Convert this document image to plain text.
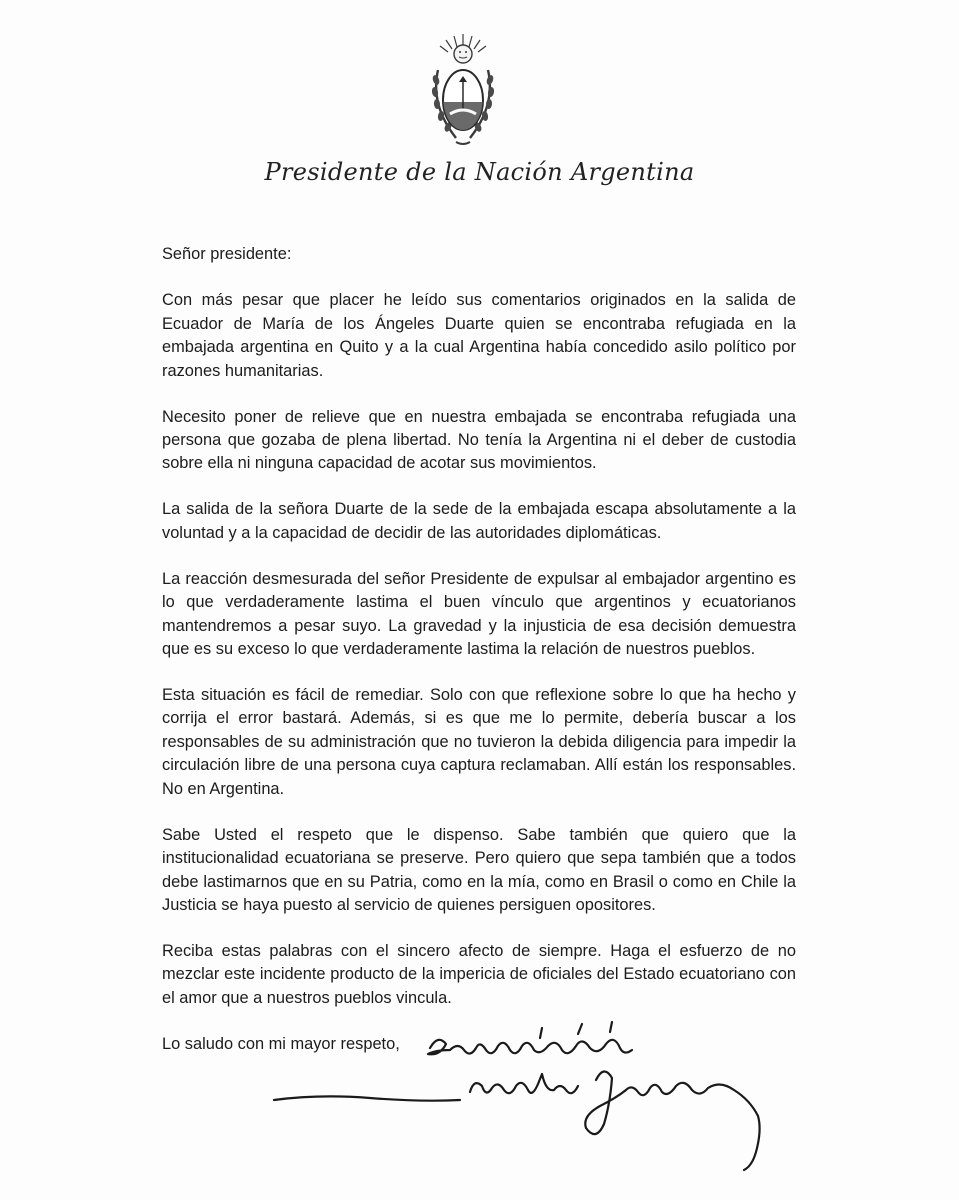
Presidente de la Nación Argentina

Señor presidente:

Con más pesar que placer he leído sus comentarios originados en la salida de Ecuador de María de los Ángeles Duarte quien se encontraba refugiada en la embajada argentina en Quito y a la cual Argentina había concedido asilo político por razones humanitarias.

Necesito poner de relieve que en nuestra embajada se encontraba refugiada una persona que gozaba de plena libertad. No tenía la Argentina ni el deber de custodia sobre ella ni ninguna capacidad de acotar sus movimientos.

La salida de la señora Duarte de la sede de la embajada escapa absolutamente a la voluntad y a la capacidad de decidir de las autoridades diplomáticas.

La reacción desmesurada del señor Presidente de expulsar al embajador argentino es lo que verdaderamente lastima el buen vínculo que argentinos y ecuatorianos mantendremos a pesar suyo. La gravedad y la injusticia de esa decisión demuestra que es su exceso lo que verdaderamente lastima la relación de nuestros pueblos.

Esta situación es fácil de remediar. Solo con que reflexione sobre lo que ha hecho y corrija el error bastará. Además, si es que me lo permite, debería buscar a los responsables de su administración que no tuvieron la debida diligencia para impedir la circulación libre de una persona cuya captura reclamaban. Allí están los responsables. No en Argentina.

Sabe Usted el respeto que le dispenso. Sabe también que quiero que la institucionalidad ecuatoriana se preserve. Pero quiero que sepa también que a todos debe lastimarnos que en su Patria, como en la mía, como en Brasil o como en Chile la Justicia se haya puesto al servicio de quienes persiguen opositores.

Reciba estas palabras con el sincero afecto de siempre. Haga el esfuerzo de no mezclar este incidente producto de la impericia de oficiales del Estado ecuatoriano con el amor que a nuestros pueblos vincula.

Lo saludo con mi mayor respeto,
